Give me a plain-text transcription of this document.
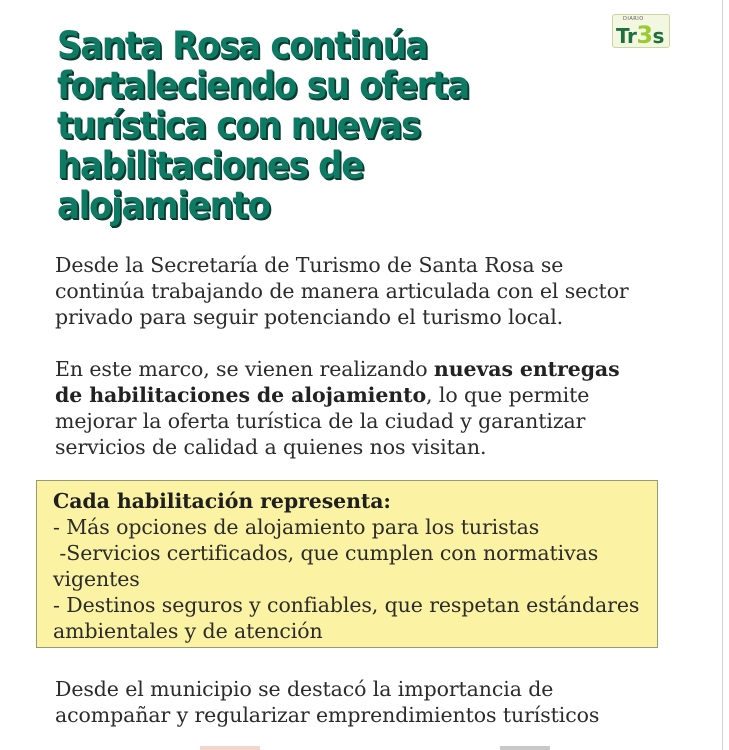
DIARIO
Tr3s
Santa Rosa continúa
fortaleciendo su oferta
turística con nuevas
habilitaciones de alojamiento

Desde la Secretaría de Turismo de Santa Rosa se
continúa trabajando de manera articulada con el sector
privado para seguir potenciando el turismo local.

En este marco, se vienen realizando nuevas entregas
de habilitaciones de alojamiento, lo que permite
mejorar la oferta turística de la ciudad y garantizar
servicios de calidad a quienes nos visitan.

Cada habilitación representa:
- Más opciones de alojamiento para los turistas
-Servicios certificados, que cumplen con normativas
vigentes
- Destinos seguros y confiables, que respetan estándares
ambientales y de atención

Desde el municipio se destacó la importancia de
acompañar y regularizar emprendimientos turísticos
